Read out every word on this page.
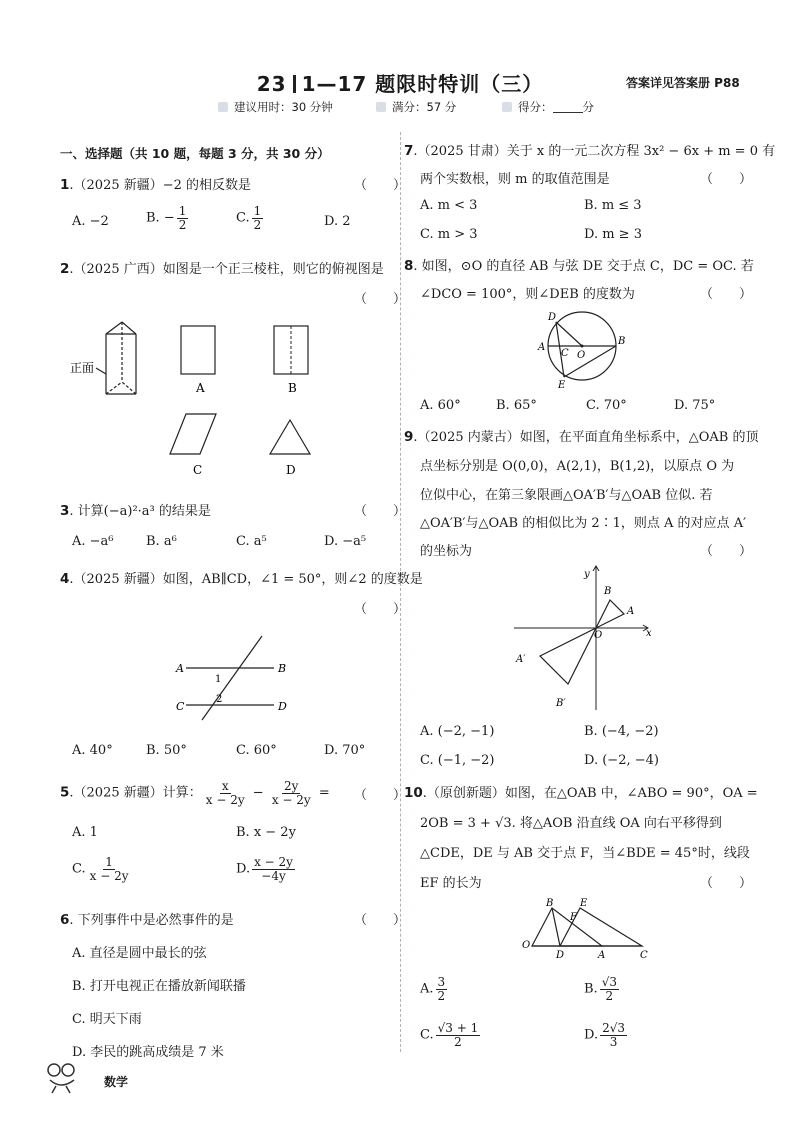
23 1—17 题限时特训（三）	答案详见答案册 P88
建议用时：30 分钟	满分：57 分	得分：	分
一、选择题（共 10 题，每题 3 分，共 30 分）
1.（2025 新疆）−2 的相反数是	（　　）
A. −2	B. − $\frac{1}{2}$	C. $\frac{1}{2}$	D. 2
2.（2025 广西）如图是一个正三棱柱，则它的俯视图是
（　　）
正面
A	B
C	D
3. 计算(−a)²·a³ 的结果是	（　　）
A. −a⁶ B. a⁶	C. a⁵	D. −a⁵
4.（2025 新疆）如图，AB∥CD，∠1 = 50°，则∠2 的度数是
（　　）
A	B
C	D
1
2
A. 40°	B. 50°	C. 60°	D. 70°
5.（2025 新疆）计算： $\frac{x}{x - 2y} - \frac{2y}{x - 2y}$ = （　　）
A. 1	B. x − 2y
C. $\frac{1}{x - 2y}$	D. $\frac{x - 2y}{-4y}$
6. 下列事件中是必然事件的是	（　　）
A. 直径是圆中最长的弦
B. 打开电视正在播放新闻联播
C. 明天下雨
D. 李民的跳高成绩是 7 米
7.（2025 甘肃）关于 x 的一元二次方程 3x² − 6x + m = 0 有
两个实数根，则 m 的取值范围是	（　　）
A. m < 3	B. m ≤ 3
C. m > 3	D. m ≥ 3
8. 如图，⊙O 的直径 AB 与弦 DE 交于点 C，DC = OC. 若
∠DCO = 100°，则∠DEB 的度数为	（　　）
A
B
C
D
E
O
A. 60°	B. 65°	C. 70°	D. 75°
9.（2025 内蒙古）如图，在平面直角坐标系中，△OAB 的顶
点坐标分别是 O(0,0)，A(2,1)，B(1,2)，以原点 O 为
位似中心，在第三象限画△OA′B′与△OAB 位似. 若
△OA′B′与△OAB 的相似比为 2∶1，则点 A 的对应点 A′
的坐标为	（　　）
y
x
O
A
B
A′
B′
A. (−2, −1)	B. (−4, −2)
C. (−1, −2)	D. (−2, −4)
10.（原创新题）如图，在△OAB 中，∠ABO = 90°，OA =
2OB = 3 + √3. 将△AOB 沿直线 OA 向右平移得到
△CDE，DE 与 AB 交于点 F，当∠BDE = 45°时，线段
EF 的长为	（　　）
B	E
F
O
D	A	C
A. $\frac{3}{2}$	B. $\frac{√3}{2}$
C. $\frac{√3 + 1}{2}$	D. $\frac{2√3}{3}$
数学
